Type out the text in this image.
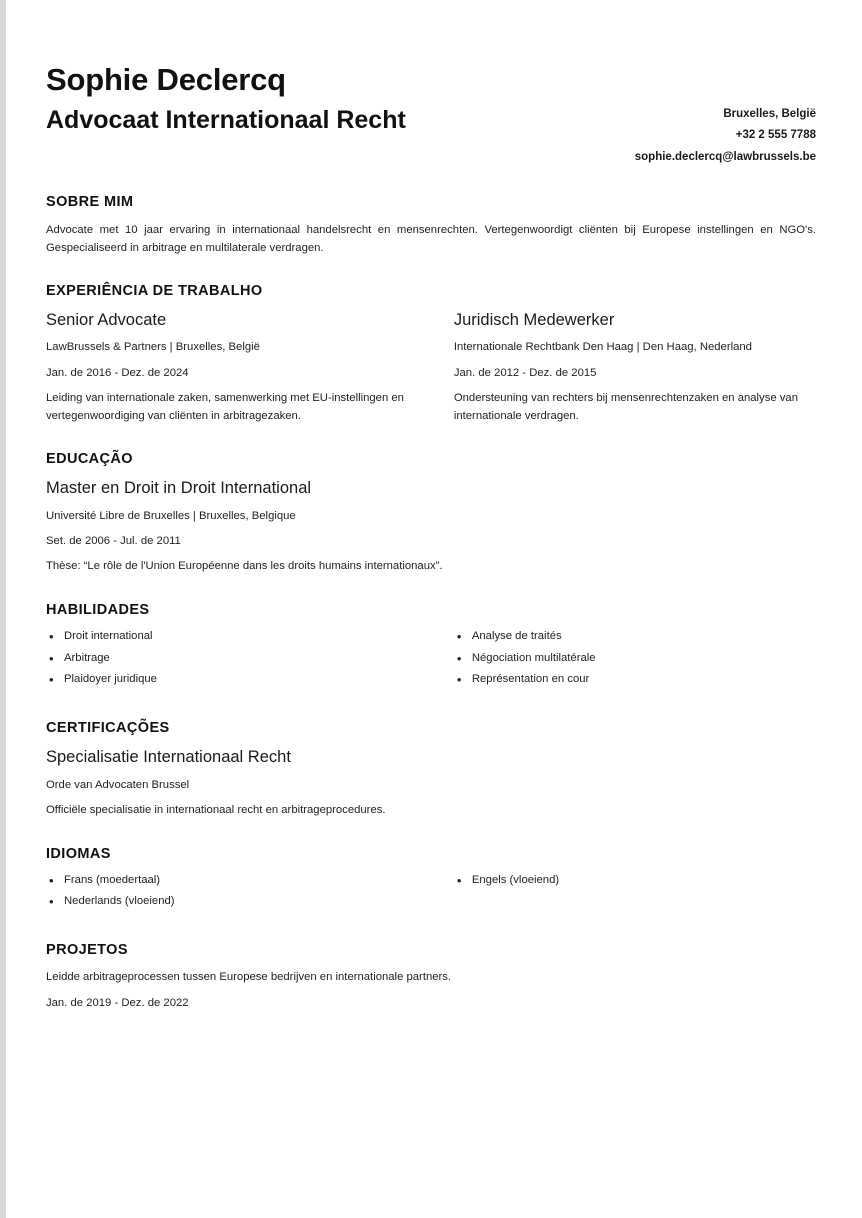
Sophie Declercq
Advocaat Internationaal Recht	Bruxelles, België
+32 2 555 7788
sophie.declercq@lawbrussels.be
SOBRE MIM

Advocate met 10 jaar ervaring in internationaal handelsrecht en mensenrechten. Vertegenwoordigt cliënten bij Europese instellingen en NGO's. Gespecialiseerd in arbitrage en multilaterale verdragen.

EXPERIÊNCIA DE TRABALHO
Senior Advocate
LawBrussels & Partners | Bruxelles, België
Jan. de 2016 - Dez. de 2024
Leiding van internationale zaken, samenwerking met EU-instellingen en vertegenwoordiging van cliënten in arbitragezaken.
Juridisch Medewerker
Internationale Rechtbank Den Haag | Den Haag, Nederland
Jan. de 2012 - Dez. de 2015
Ondersteuning van rechters bij mensenrechtenzaken en analyse van internationale verdragen.
EDUCAÇÃO
Master en Droit in Droit International
Université Libre de Bruxelles | Bruxelles, Belgique
Set. de 2006 - Jul. de 2011
Thèse: “Le rôle de l'Union Européenne dans les droits humains internationaux”.
HABILIDADES
• Droit international
• Arbitrage
• Plaidoyer juridique
• Analyse de traités
• Négociation multilatérale
• Représentation en cour
CERTIFICAÇÕES
Specialisatie Internationaal Recht
Orde van Advocaten Brussel
Officiële specialisatie in internationaal recht en arbitrageprocedures.
IDIOMAS
• Frans (moedertaal)
• Nederlands (vloeiend)
• Engels (vloeiend)
PROJETOS
Leidde arbitrageprocessen tussen Europese bedrijven en internationale partners.
Jan. de 2019 - Dez. de 2022
